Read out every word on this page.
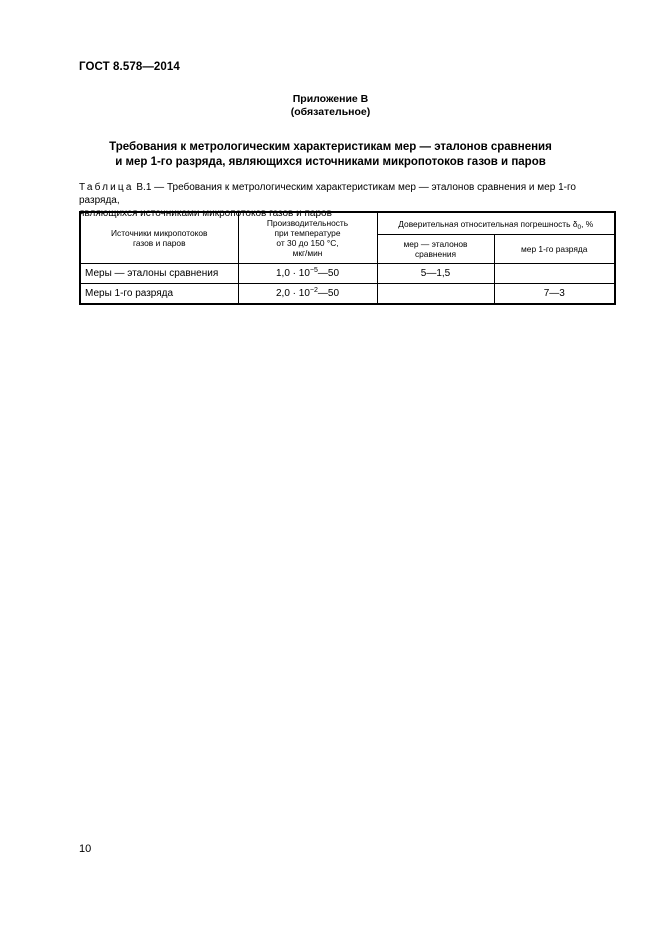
ГОСТ 8.578—2014
Приложение В
(обязательное)
Требования к метрологическим характеристикам мер — эталонов сравнения
и мер 1-го разряда, являющихся источниками микропотоков газов и паров
Таблица В.1 — Требования к метрологическим характеристикам мер — эталонов сравнения и мер 1-го разряда,
являющихся источниками микропотоков газов и паров
Источники микропотоков
газов и паров	Производительность
при температуре
от 30 до 150 °С,
мкг/мин	Доверительная относительная погрешность $\delta_0$, %	
		мер — эталонов
сравнения	мер 1-го разряда
Меры — эталоны сравнения	$1,0 \cdot 10^{-5}—50$	5—1,5	
Меры 1-го разряда	$2,0 \cdot 10^{-2}—50$		7—3
10
